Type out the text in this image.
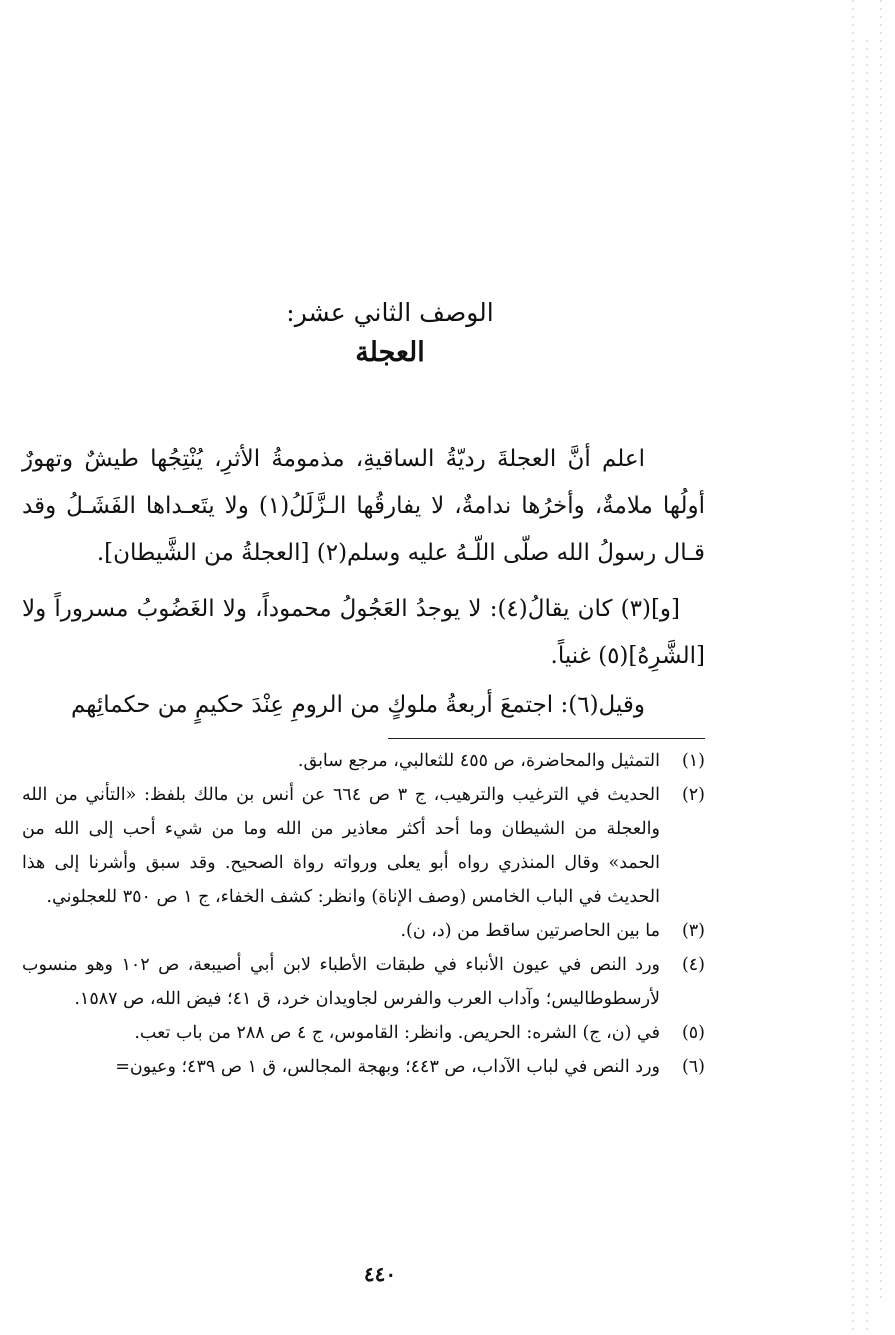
الوصف الثاني عشر:
العجلة

اعلم أنَّ العجلةَ رديّةُ الساقيةِ، مذمومةُ الأثرِ، يُنْتِجُها طيشٌ وتهورٌ أولُها ملامةٌ، وأخرُها ندامةٌ، لا يفارقُها الـزَّلَلُ(١) ولا يتَعـداها الفَشَـلُ وقد قـال رسولُ الله صلّى اللّـهُ عليه وسلم(٢) [العجلةُ من الشَّيطان].

[و](٣) كان يقالُ(٤): لا يوجدُ العَجُولُ محموداً، ولا الغَضُوبُ مسروراً ولا [الشَّرِهُ](٥) غنياً.

وقيل(٦): اجتمعَ أربعةُ ملوكٍ من الرومِ عِنْدَ حكيمٍ من حكمائِهم

(١)
التمثيل والمحاضرة، ص ٤٥٥ للثعالبي، مرجع سابق.
(٢)
الحديث في الترغيب والترهيب، ج ٣ ص ٦٦٤ عن أنس بن مالك بلفظ: «التأني من الله والعجلة من الشيطان وما أحد أكثر معاذير من الله وما من شيء أحب إلى الله من الحمد» وقال المنذري رواه أبو يعلى ورواته رواة الصحيح. وقد سبق وأشرنا إلى هذا الحديث في الباب الخامس (وصف الإناة) وانظر: كشف الخفاء، ج ١ ص ٣٥٠ للعجلوني.
(٣)
ما بين الحاصرتين ساقط من (د، ن).
(٤)
ورد النص في عيون الأنباء في طبقات الأطباء لابن أبي أصيبعة، ص ١٠٢ وهو منسوب لأرسطوطاليس؛ وآداب العرب والفرس لجاويدان خرد، ق ٤١؛ فيض الله، ص ١٥٨٧.
(٥)
في (ن، ج) الشره: الحريص. وانظر: القاموس، ج ٤ ص ٢٨٨ من باب تعب.
(٦)
ورد النص في لباب الآداب، ص ٤٤٣؛ وبهجة المجالس، ق ١ ص ٤٣٩؛ وعيون=
٤٤٠
